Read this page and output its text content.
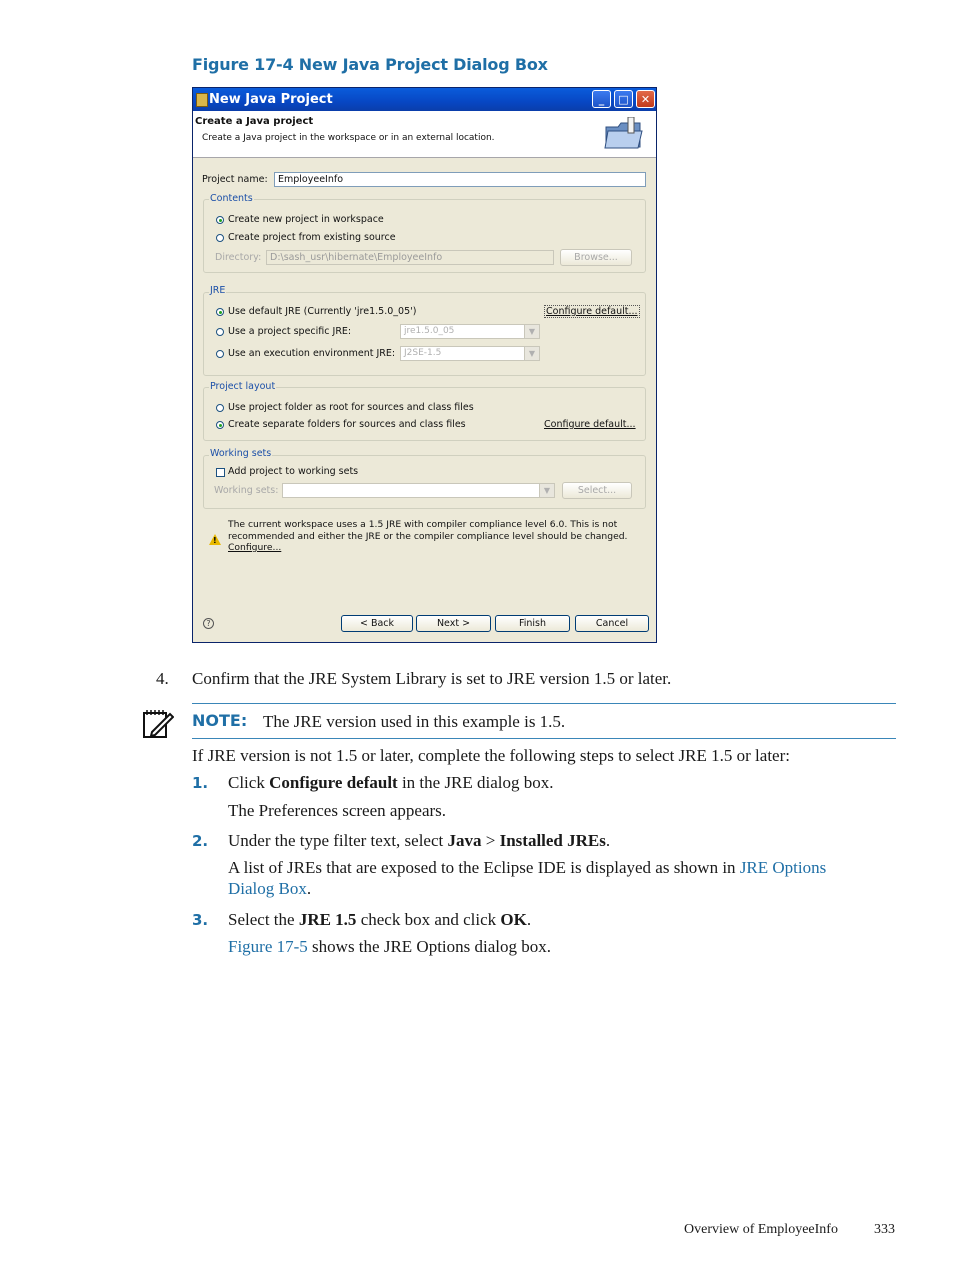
Figure 17-4 New Java Project Dialog Box
New Java Project	_	□	✕
Create a Java project
Create a Java project in the workspace or in an external location.
Project name:	EmployeeInfo
Contents
Create new project in workspace
Create project from existing source
Directory: D:\sash_usr\hibernate\EmployeeInfo	Browse...
JRE
Use default JRE (Currently 'jre1.5.0_05')	Configure default...
Use a project specific JRE:	jre1.5.0_05	▼
Use an execution environment JRE: J2SE-1.5	▼
Project layout
Use project folder as root for sources and class files
Create separate folders for sources and class files	Configure default...
Working sets
Add project to working sets
Working sets:	▼	Select...
!
The current workspace uses a 1.5 JRE with compiler compliance level 6.0. This is not recommended and either the JRE or the compiler compliance level should be changed.
Configure...
?	< Back	Next >	Finish	Cancel
4. Confirm that the JRE System Library is set to JRE version 1.5 or later.
NOTE: The JRE version used in this example is 1.5.
If JRE version is not 1.5 or later, complete the following steps to select JRE 1.5 or later:
1. Click Configure default in the JRE dialog box.
The Preferences screen appears.
2. Under the type filter text, select Java > Installed JREs.
A list of JREs that are exposed to the Eclipse IDE is displayed as shown in JRE Options
Dialog Box.
3. Select the JRE 1.5 check box and click OK.
Figure 17-5 shows the JRE Options dialog box.
Overview of EmployeeInfo	333
